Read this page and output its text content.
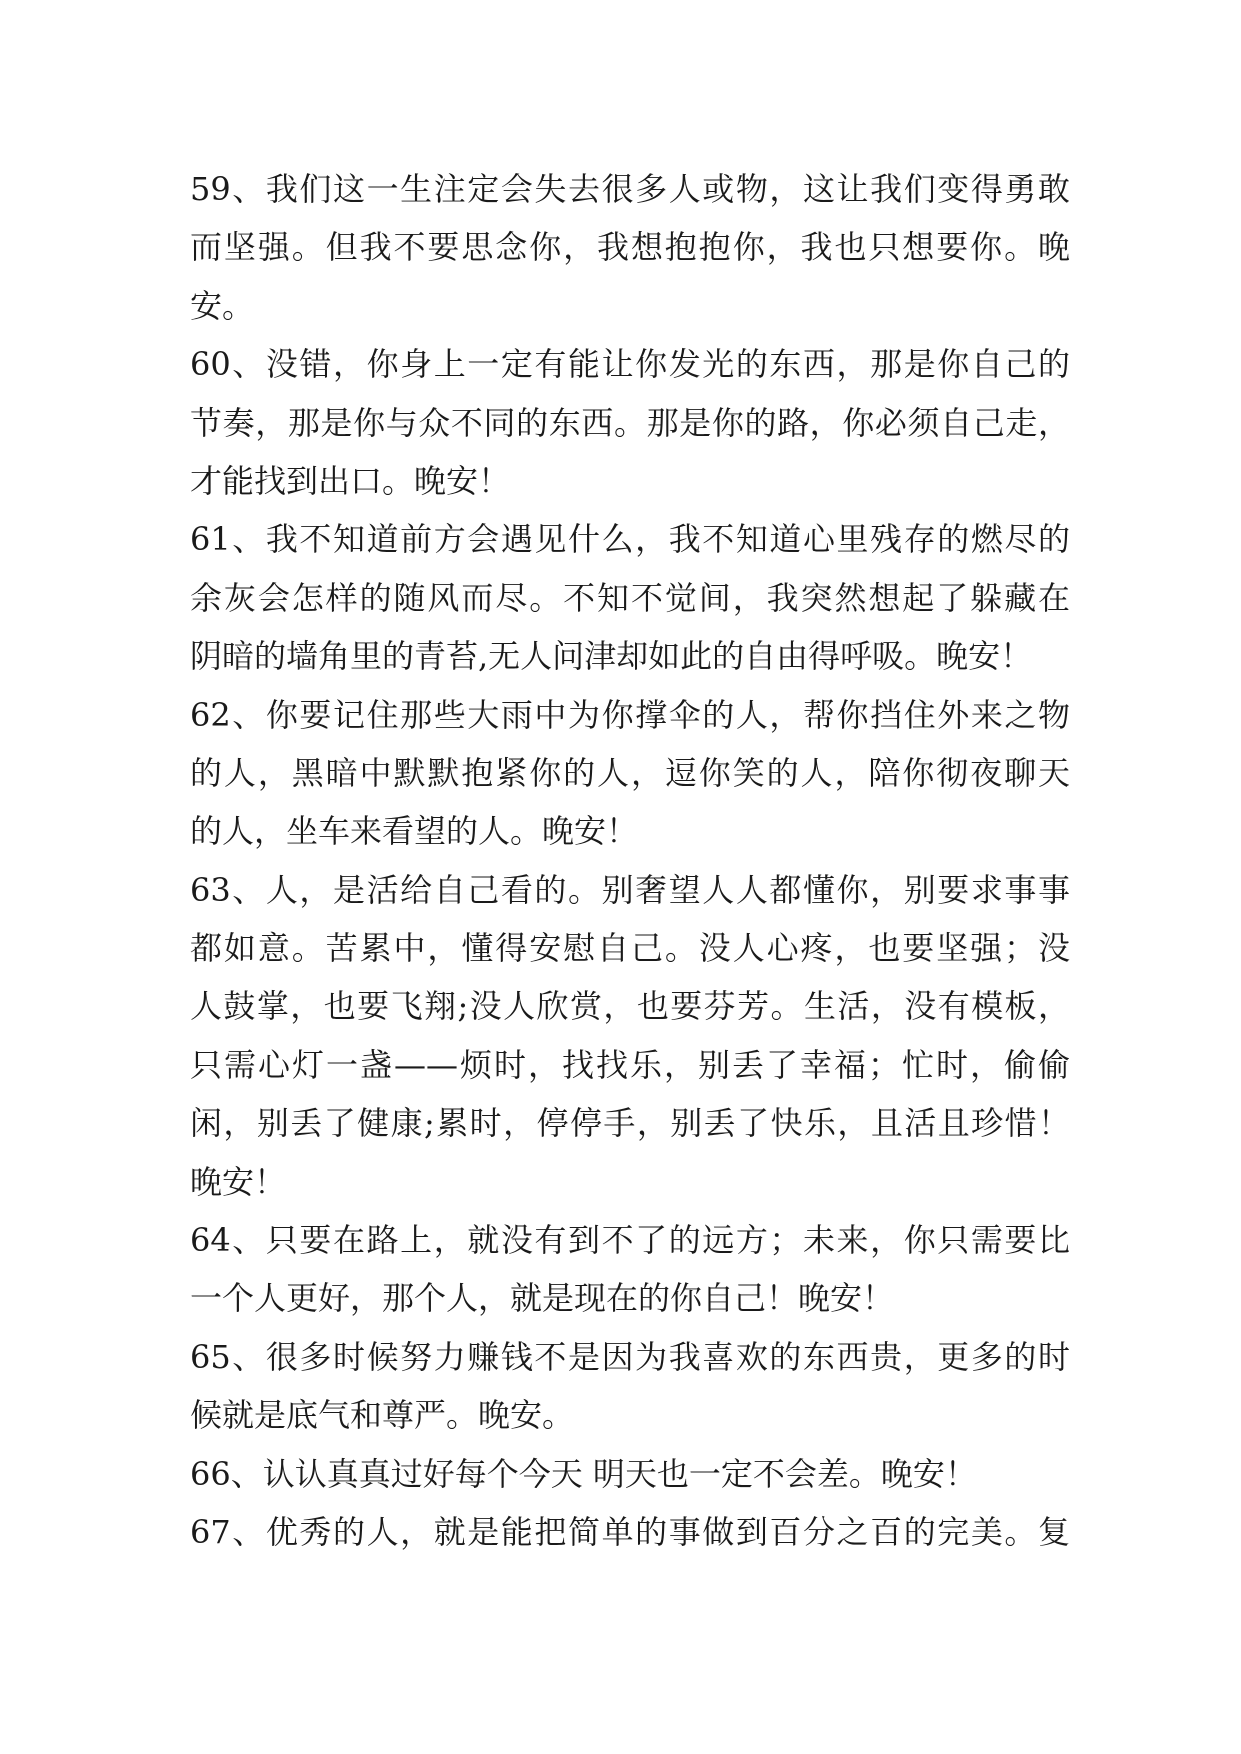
59、我们这一生注定会失去很多人或物，这让我们变得勇敢
而坚强。但我不要思念你，我想抱抱你，我也只想要你。晚
安。
60、没错，你身上一定有能让你发光的东西，那是你自己的
节奏，那是你与众不同的东西。那是你的路，你必须自己走，
才能找到出口。晚安！
61、我不知道前方会遇见什么，我不知道心里残存的燃尽的
余灰会怎样的随风而尽。不知不觉间，我突然想起了躲藏在
阴暗的墙角里的青苔,无人问津却如此的自由得呼吸。晚安！
62、你要记住那些大雨中为你撑伞的人，帮你挡住外来之物
的人，黑暗中默默抱紧你的人，逗你笑的人，陪你彻夜聊天
的人，坐车来看望的人。晚安！
63、人，是活给自己看的。别奢望人人都懂你，别要求事事
都如意。苦累中，懂得安慰自己。没人心疼，也要坚强；没
人鼓掌，也要飞翔;没人欣赏，也要芬芳。生活，没有模板，
只需心灯一盏——烦时，找找乐，别丢了幸福；忙时，偷偷
闲，别丢了健康;累时，停停手，别丢了快乐，且活且珍惜！
晚安！
64、只要在路上，就没有到不了的远方；未来，你只需要比
一个人更好，那个人，就是现在的你自己！晚安！
65、很多时候努力赚钱不是因为我喜欢的东西贵，更多的时
候就是底气和尊严。晚安。
66、认认真真过好每个今天 明天也一定不会差。晚安！
67、优秀的人，就是能把简单的事做到百分之百的完美。复
